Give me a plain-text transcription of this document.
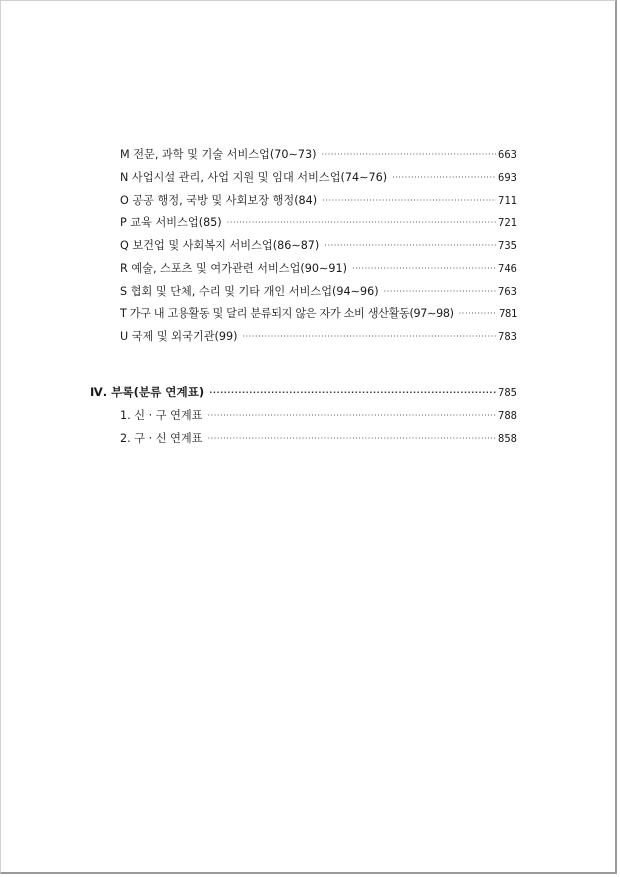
M 전문, 과학 및 기술 서비스업(70∼73) ·····	663
N 사업시설 관리, 사업 지원 및 임대 서비스업(74∼76) ·····	693
O 공공 행정, 국방 및 사회보장 행정(84) ·····	711
P 교육 서비스업(85) ·····	721
Q 보건업 및 사회복지 서비스업(86∼87) ·····	735
R 예술, 스포츠 및 여가관련 서비스업(90∼91) ·····	746
S 협회 및 단체, 수리 및 기타 개인 서비스업(94∼96) ·····	763
T 가구 내 고용활동 및 달리 분류되지 않은 자가 소비 생산활동(97∼98) ·····	781
U 국제 및 외국기관(99) ·····	783
Ⅳ. 부록(분류 연계표) ·····	785
1. 신 · 구 연계표 ·····	788
2. 구 · 신 연계표 ·····	858
